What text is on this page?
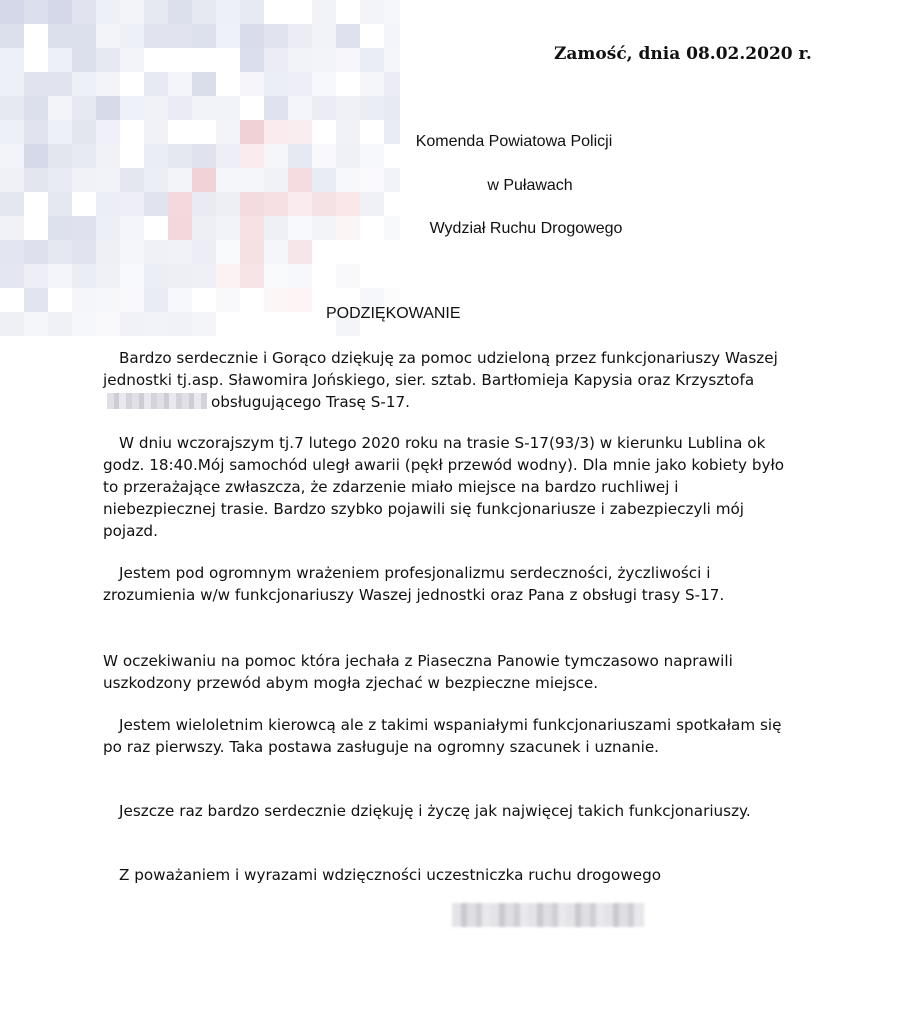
Zamość, dnia 08.02.2020 r.
Komenda Powiatowa Policji
w Puławach
Wydział Ruchu Drogowego
PODZIĘKOWANIE

Bardzo serdecznie i Gorąco dziękuję za pomoc udzieloną przez funkcjonariuszy Waszej jednostki tj.asp. Sławomira Jońskiego, sier. sztab. Bartłomieja Kapysia oraz Krzysztofaobsługującego Trasę S-17.

W dniu wczorajszym tj.7 lutego 2020 roku na trasie S-17(93/3) w kierunku Lublina ok godz. 18:40.Mój samochód uległ awarii (pękł przewód wodny). Dla mnie jako kobiety było to przerażające zwłaszcza, że zdarzenie miało miejsce na bardzo ruchliwej i niebezpiecznej trasie. Bardzo szybko pojawili się funkcjonariusze i zabezpieczyli mój pojazd.

Jestem pod ogromnym wrażeniem profesjonalizmu serdeczności, życzliwości i zrozumienia w/w funkcjonariuszy Waszej jednostki oraz Pana z obsługi trasy S-17.

W oczekiwaniu na pomoc która jechała z Piaseczna Panowie tymczasowo naprawili uszkodzony przewód abym mogła zjechać w bezpieczne miejsce.

Jestem wieloletnim kierowcą ale z takimi wspaniałymi funkcjonariuszami spotkałam się po raz pierwszy. Taka postawa zasługuje na ogromny szacunek i uznanie.

Jeszcze raz bardzo serdecznie dziękuję i życzę jak najwięcej takich funkcjonariuszy.

Z poważaniem i wyrazami wdzięczności uczestniczka ruchu drogowego
